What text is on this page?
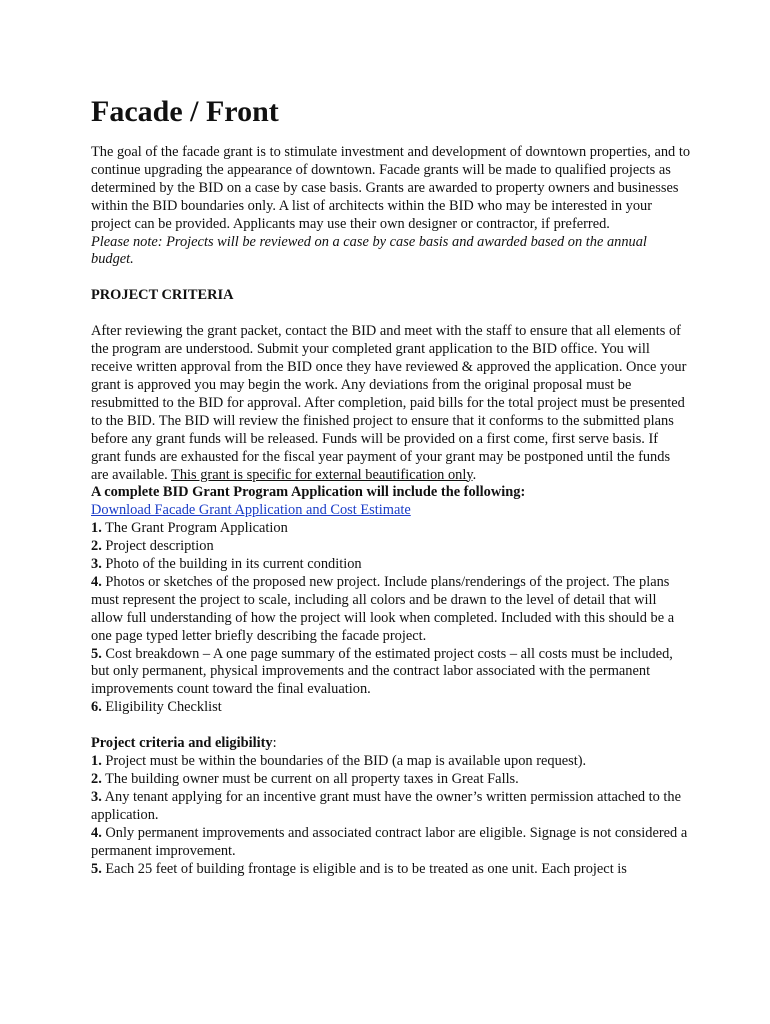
Facade / Front

The goal of the facade grant is to stimulate investment and development of downtown properties, and to continue upgrading the appearance of downtown. Facade grants will be made to qualified projects as determined by the BID on a case by case basis. Grants are awarded to property owners and businesses within the BID boundaries only. A list of architects within the BID who may be interested in your project can be provided. Applicants may use their own designer or contractor, if preferred.

Please note: Projects will be reviewed on a case by case basis and awarded based on the annual budget.

PROJECT CRITERIA

After reviewing the grant packet, contact the BID and meet with the staff to ensure that all elements of the program are understood. Submit your completed grant application to the BID office. You will receive written approval from the BID once they have reviewed & approved the application. Once your grant is approved you may begin the work. Any deviations from the original proposal must be resubmitted to the BID for approval. After completion, paid bills for the total project must be presented to the BID. The BID will review the finished project to ensure that it conforms to the submitted plans before any grant funds will be released. Funds will be provided on a first come, first serve basis. If grant funds are exhausted for the fiscal year payment of your grant may be postponed until the funds are available. This grant is specific for external beautification only.

A complete BID Grant Program Application will include the following:

Download Facade Grant Application and Cost Estimate

1. The Grant Program Application

2. Project description

3. Photo of the building in its current condition

4. Photos or sketches of the proposed new project. Include plans/renderings of the project. The plans must represent the project to scale, including all colors and be drawn to the level of detail that will allow full understanding of how the project will look when completed. Included with this should be a one page typed letter briefly describing the facade project.

5. Cost breakdown – A one page summary of the estimated project costs – all costs must be included, but only permanent, physical improvements and the contract labor associated with the permanent improvements count toward the final evaluation.

6. Eligibility Checklist

Project criteria and eligibility:

1. Project must be within the boundaries of the BID (a map is available upon request).

2. The building owner must be current on all property taxes in Great Falls.

3. Any tenant applying for an incentive grant must have the owner’s written permission attached to the application.

4. Only permanent improvements and associated contract labor are eligible. Signage is not considered a permanent improvement.

5. Each 25 feet of building frontage is eligible and is to be treated as one unit. Each project is
